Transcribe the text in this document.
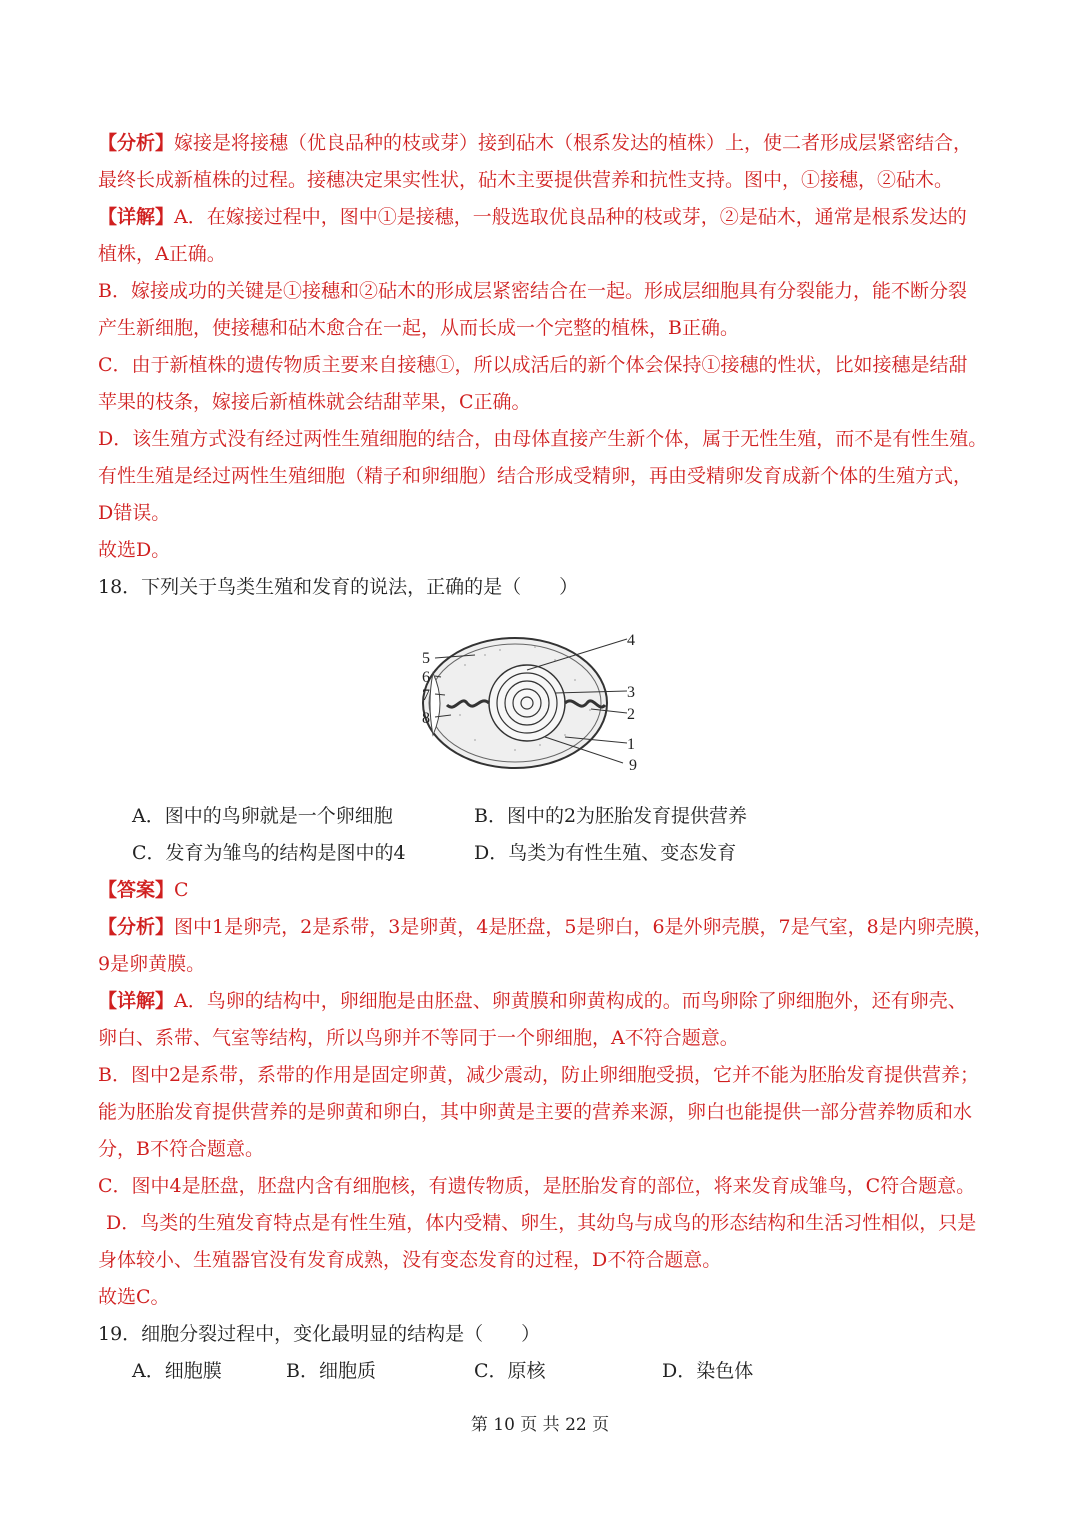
【分析】嫁接是将接穗（优良品种的枝或芽）接到砧木（根系发达的植株）上，使二者形成层紧密结合，
最终长成新植株的过程。接穗决定果实性状，砧木主要提供营养和抗性支持。图中，①接穗，②砧木。
【详解】A．在嫁接过程中，图中①是接穗，一般选取优良品种的枝或芽，②是砧木，通常是根系发达的
植株，A正确。
B．嫁接成功的关键是①接穗和②砧木的形成层紧密结合在一起。形成层细胞具有分裂能力，能不断分裂
产生新细胞，使接穗和砧木愈合在一起，从而长成一个完整的植株，B正确。
C．由于新植株的遗传物质主要来自接穗①，所以成活后的新个体会保持①接穗的性状，比如接穗是结甜
苹果的枝条，嫁接后新植株就会结甜苹果，C正确。
D．该生殖方式没有经过两性生殖细胞的结合，由母体直接产生新个体，属于无性生殖，而不是有性生殖。
有性生殖是经过两性生殖细胞（精子和卵细胞）结合形成受精卵，再由受精卵发育成新个体的生殖方式，
D错误。
故选D。
18．下列关于鸟类生殖和发育的说法，正确的是（　　）
4
3
2
1
9
5
6
7
8
A．图中的鸟卵就是一个卵细胞	B．图中的2为胚胎发育提供营养
C．发育为雏鸟的结构是图中的4	D．鸟类为有性生殖、变态发育
【答案】C
【分析】图中1是卵壳，2是系带，3是卵黄，4是胚盘，5是卵白，6是外卵壳膜，7是气室，8是内卵壳膜，
9是卵黄膜。
【详解】A．鸟卵的结构中，卵细胞是由胚盘、卵黄膜和卵黄构成的。而鸟卵除了卵细胞外，还有卵壳、
卵白、系带、气室等结构，所以鸟卵并不等同于一个卵细胞，A不符合题意。
B．图中2是系带，系带的作用是固定卵黄，减少震动，防止卵细胞受损，它并不能为胚胎发育提供营养；
能为胚胎发育提供营养的是卵黄和卵白，其中卵黄是主要的营养来源，卵白也能提供一部分营养物质和水
分，B不符合题意。
C．图中4是胚盘，胚盘内含有细胞核，有遗传物质，是胚胎发育的部位，将来发育成雏鸟，C符合题意。
D．鸟类的生殖发育特点是有性生殖，体内受精、卵生，其幼鸟与成鸟的形态结构和生活习性相似，只是
身体较小、生殖器官没有发育成熟，没有变态发育的过程，D不符合题意。
故选C。
19．细胞分裂过程中，变化最明显的结构是（　　）
A．细胞膜	B．细胞质	C．原核	D．染色体
第 10 页 共 22 页
